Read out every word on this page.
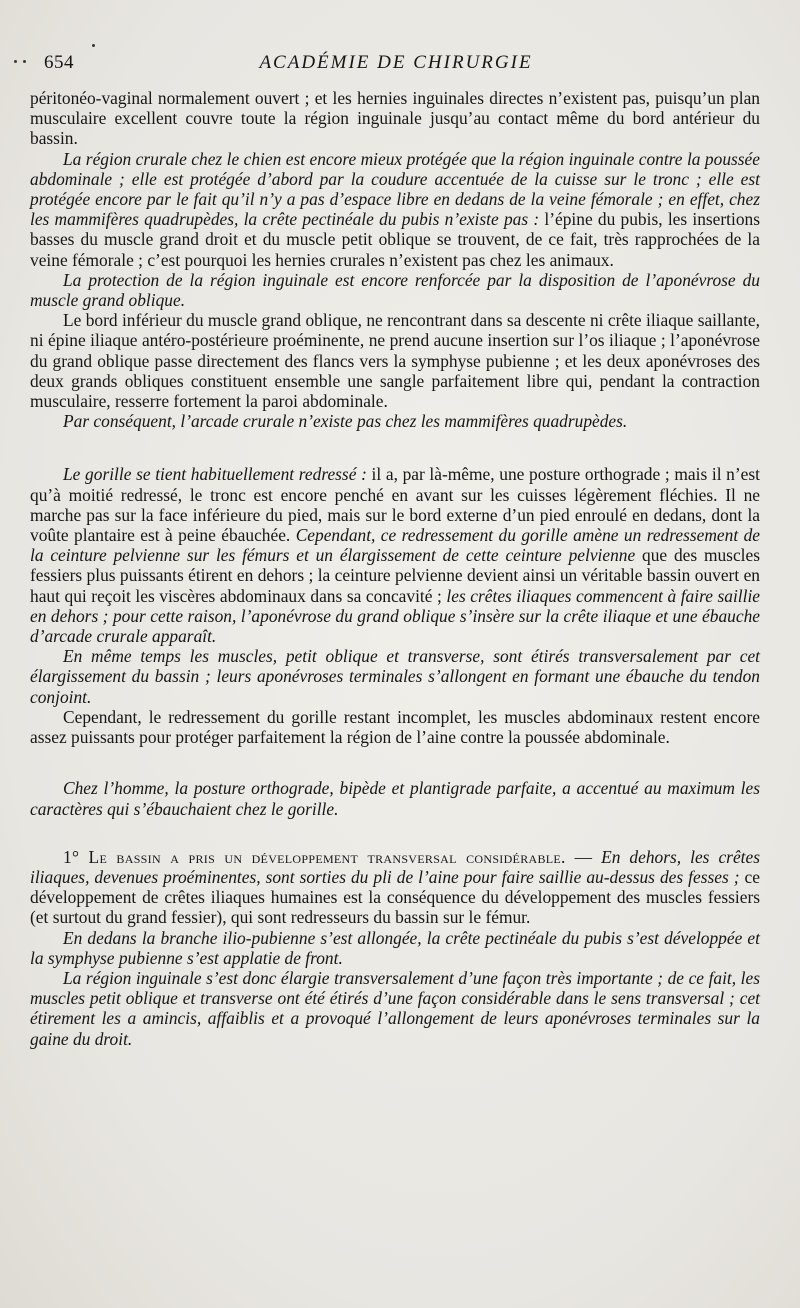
654	ACADÉMIE DE CHIRURGIE

péritonéo-vaginal normalement ouvert ; et les hernies inguinales directes n’existent pas, puisqu’un plan musculaire excellent couvre toute la région inguinale jusqu’au contact même du bord antérieur du bassin.

La région crurale chez le chien est encore mieux protégée que la région inguinale contre la poussée abdominale ; elle est protégée d’abord par la coudure accentuée de la cuisse sur le tronc ; elle est protégée encore par le fait qu’il n’y a pas d’espace libre en dedans de la veine fémorale ; en effet, chez les mammifères quadrupèdes, la crête pectinéale du pubis n’existe pas : l’épine du pubis, les insertions basses du muscle grand droit et du muscle petit oblique se trouvent, de ce fait, très rapprochées de la veine fémorale ; c’est pourquoi les hernies crurales n’existent pas chez les animaux.

La protection de la région inguinale est encore renforcée par la disposition de l’aponévrose du muscle grand oblique.

Le bord inférieur du muscle grand oblique, ne rencontrant dans sa descente ni crête iliaque saillante, ni épine iliaque antéro-postérieure proéminente, ne prend aucune insertion sur l’os iliaque ; l’aponévrose du grand oblique passe directement des flancs vers la symphyse pubienne ; et les deux aponévroses des deux grands obliques constituent ensemble une sangle parfaitement libre qui, pendant la contraction musculaire, resserre fortement la paroi abdominale.

Par conséquent, l’arcade crurale n’existe pas chez les mammifères quadrupèdes.

Le gorille se tient habituellement redressé : il a, par là-même, une posture orthograde ; mais il n’est qu’à moitié redressé, le tronc est encore penché en avant sur les cuisses légèrement fléchies. Il ne marche pas sur la face inférieure du pied, mais sur le bord externe d’un pied enroulé en dedans, dont la voûte plantaire est à peine ébauchée. Cependant, ce redressement du gorille amène un redressement de la ceinture pelvienne sur les fémurs et un élargissement de cette ceinture pelvienne que des muscles fessiers plus puissants étirent en dehors ; la ceinture pelvienne devient ainsi un véritable bassin ouvert en haut qui reçoit les viscères abdominaux dans sa concavité ; les crêtes iliaques commencent à faire saillie en dehors ; pour cette raison, l’aponévrose du grand oblique s’insère sur la crête iliaque et une ébauche d’arcade crurale apparaît.

En même temps les muscles, petit oblique et transverse, sont étirés transversalement par cet élargissement du bassin ; leurs aponévroses terminales s’allongent en formant une ébauche du tendon conjoint.

Cependant, le redressement du gorille restant incomplet, les muscles abdominaux restent encore assez puissants pour protéger parfaitement la région de l’aine contre la poussée abdominale.

Chez l’homme, la posture orthograde, bipède et plantigrade parfaite, a accentué au maximum les caractères qui s’ébauchaient chez le gorille.

1° Le bassin a pris un développement transversal considérable. — En dehors, les crêtes iliaques, devenues proéminentes, sont sorties du pli de l’aine pour faire saillie au-dessus des fesses ; ce développement de crêtes iliaques humaines est la conséquence du développement des muscles fessiers (et surtout du grand fessier), qui sont redresseurs du bassin sur le fémur.

En dedans la branche ilio-pubienne s’est allongée, la crête pectinéale du pubis s’est développée et la symphyse pubienne s’est applatie de front.

La région inguinale s’est donc élargie transversalement d’une façon très importante ; de ce fait, les muscles petit oblique et transverse ont été étirés d’une façon considérable dans le sens transversal ; cet étirement les a amincis, affaiblis et a provoqué l’allongement de leurs aponévroses terminales sur la gaine du droit.
